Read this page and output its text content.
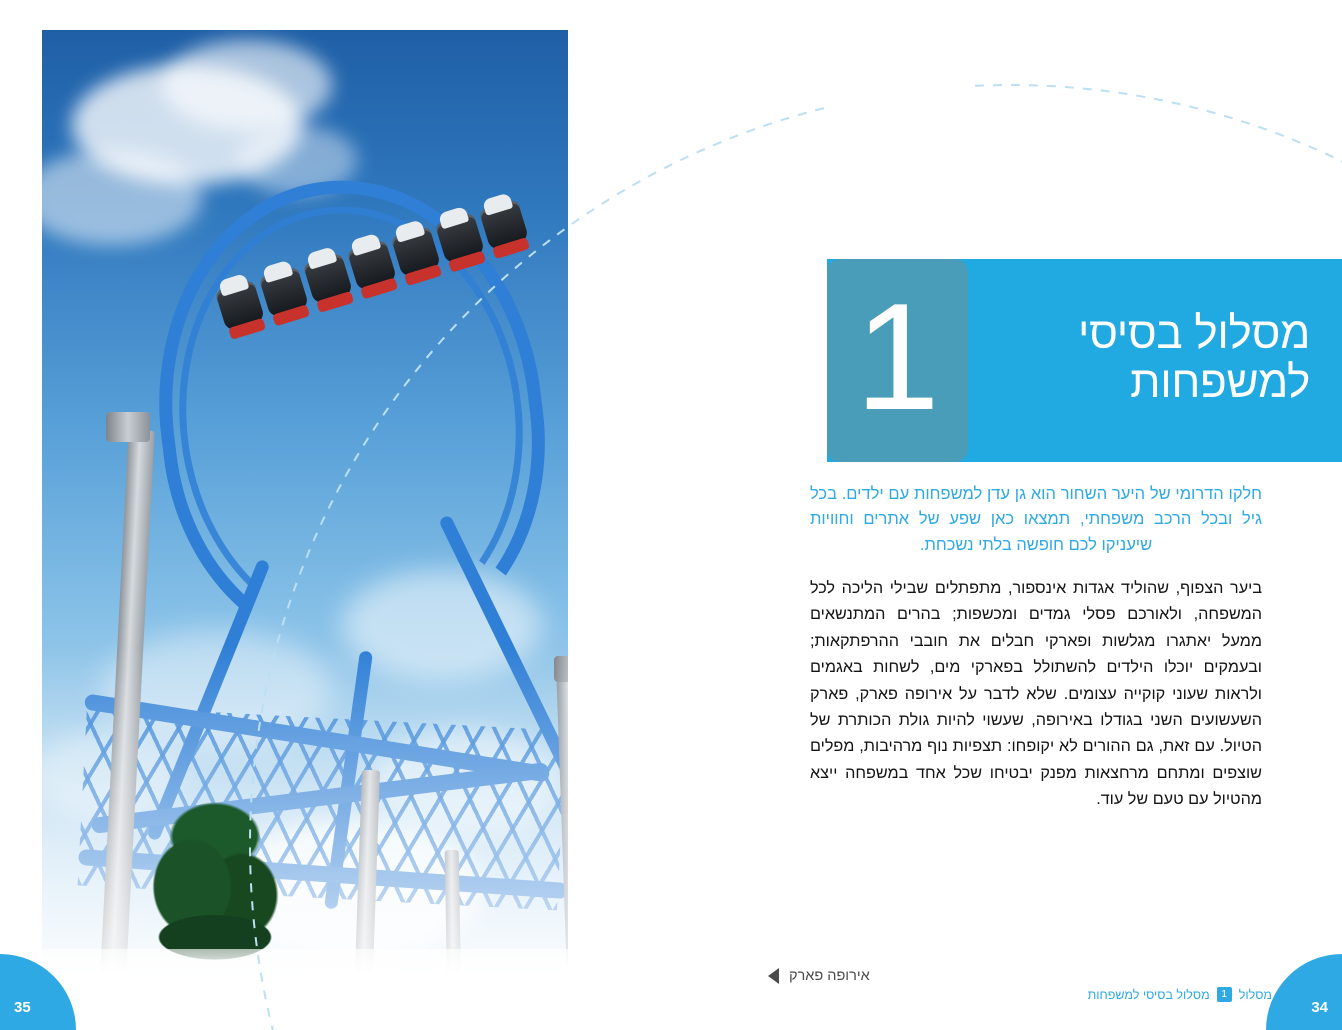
מסלול בסיסי
למשפחות
1

חלקו הדרומי של היער השחור הוא גן עדן למשפחות עם ילדים. בכל גיל ובכל הרכב משפחתי, תמצאו כאן שפע של אתרים וחוויות שיעניקו לכם חופשה בלתי נשכחת.

ביער הצפוף, שהוליד אגדות אינספור, מתפתלים שבילי הליכה לכל המשפחה, ולאורכם פסלי גמדים ומכשפות; בהרים המתנשאים ממעל יאתגרו מגלשות ופארקי חבלים את חובבי ההרפתקאות; ובעמקים יוכלו הילדים להשתולל בפארקי מים, לשחות באגמים ולראות שעוני קוקייה עצומים. שלא לדבר על אירופה פארק, פארק השעשועים השני בגודלו באירופה, שעשוי להיות גולת הכותרת של הטיול. עם זאת, גם ההורים לא יקופחו: תצפיות נוף מרהיבות, מפלים שוצפים ומתחם מרחצאות מפנק יבטיחו שכל אחד במשפחה ייצא מהטיול עם טעם של עוד.

אירופה פארק
מסלול
1
מסלול בסיסי למשפחות
35	34
